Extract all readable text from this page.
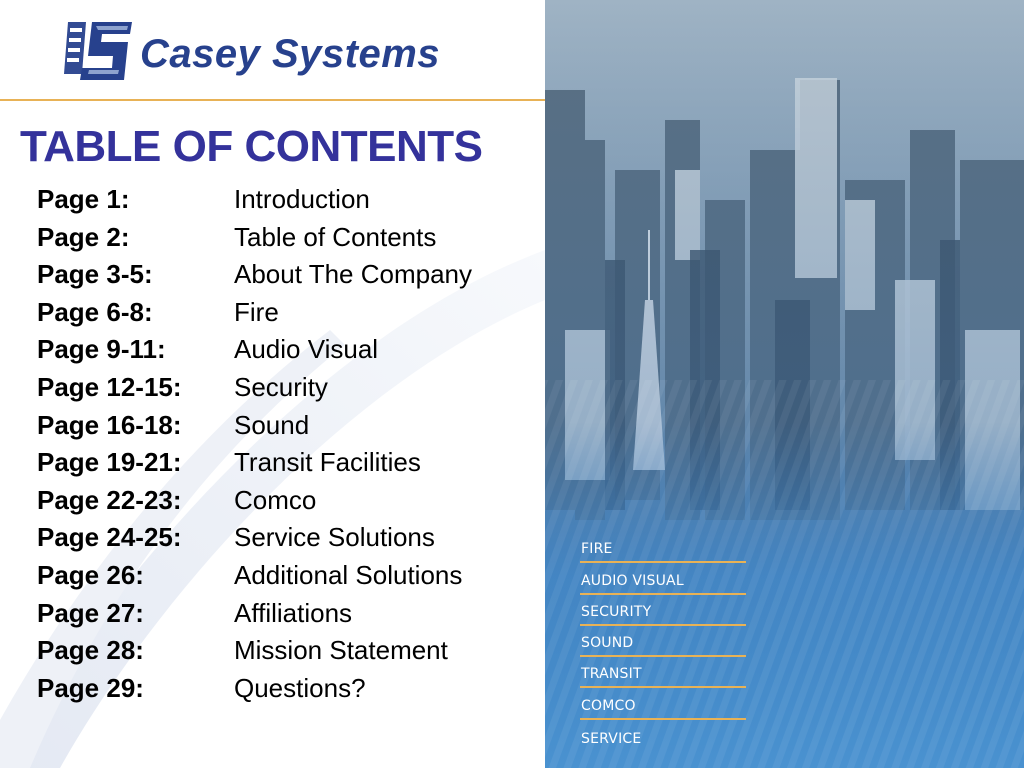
Casey Systems
TABLE OF CONTENTS
Page 1:	Introduction
Page 2:	Table of Contents
Page 3-5:	About The Company
Page 6-8:	Fire
Page 9-11:	Audio Visual
Page 12-15: Security
Page 16-18: Sound
Page 19-21: Transit Facilities
Page 22-23: Comco
Page 24-25: Service Solutions
Page 26:	Additional Solutions
Page 27:	Affiliations
Page 28:	Mission Statement
Page 29:	Questions?
FIRE
AUDIO VISUAL
SECURITY
SOUND
TRANSIT
COMCO
SERVICE
